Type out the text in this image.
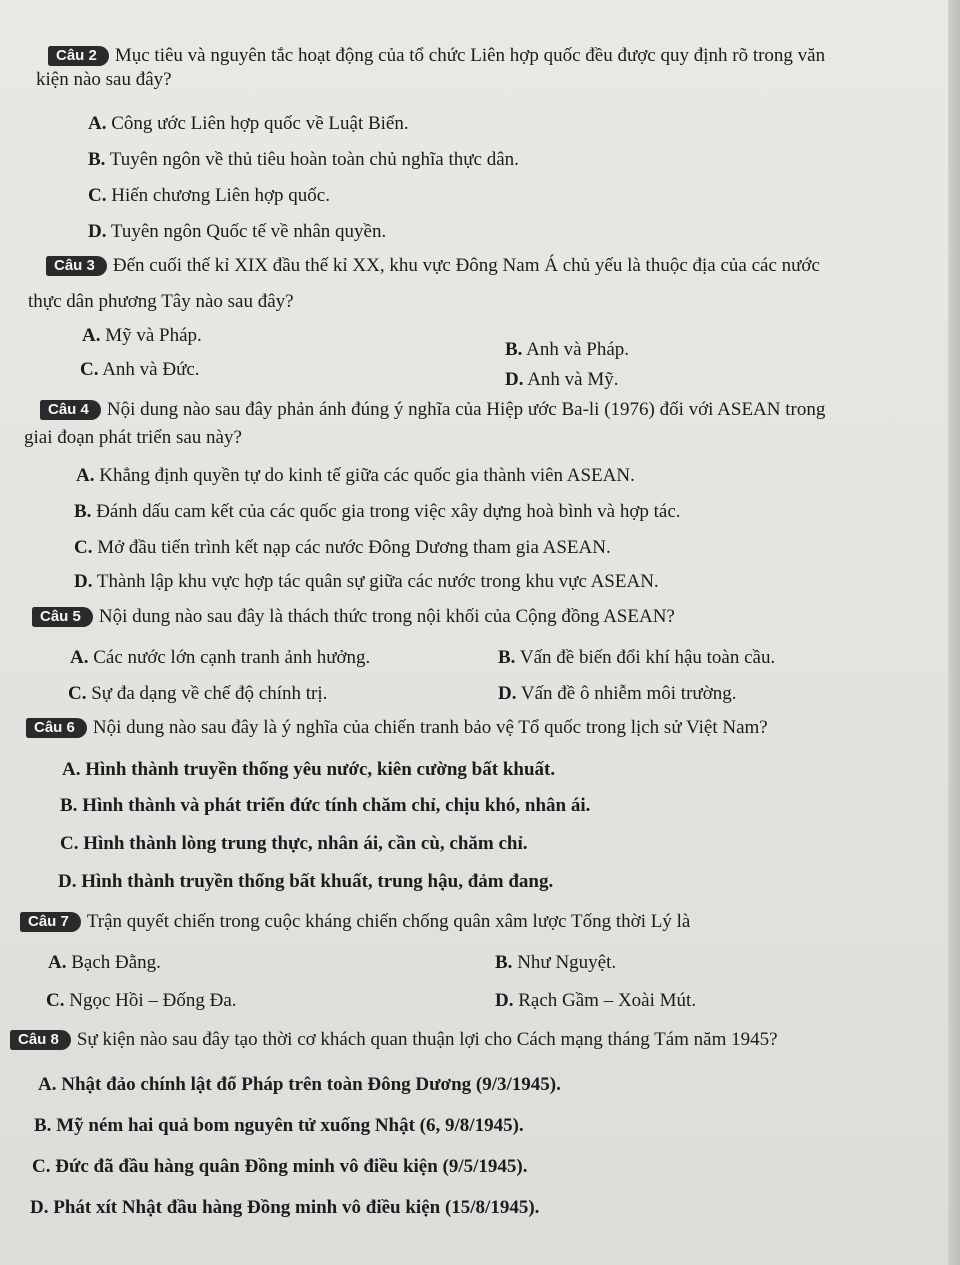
Câu 2 Mục tiêu và nguyên tắc hoạt động của tổ chức Liên hợp quốc đều được quy định rõ trong văn
kiện nào sau đây?
A. Công ước Liên hợp quốc về Luật Biển.
B. Tuyên ngôn về thủ tiêu hoàn toàn chủ nghĩa thực dân.
C. Hiến chương Liên hợp quốc.
D. Tuyên ngôn Quốc tế về nhân quyền.
Câu 3 Đến cuối thế kỉ XIX đầu thế kỉ XX, khu vực Đông Nam Á chủ yếu là thuộc địa của các nước
thực dân phương Tây nào sau đây?
A. Mỹ và Pháp.
B. Anh và Pháp.
C. Anh và Đức.	D. Anh và Mỹ.
Câu 4 Nội dung nào sau đây phản ánh đúng ý nghĩa của Hiệp ước Ba-li (1976) đối với ASEAN trong
giai đoạn phát triển sau này?
A. Khẳng định quyền tự do kinh tế giữa các quốc gia thành viên ASEAN.
B. Đánh dấu cam kết của các quốc gia trong việc xây dựng hoà bình và hợp tác.
C. Mở đầu tiến trình kết nạp các nước Đông Dương tham gia ASEAN.
D. Thành lập khu vực hợp tác quân sự giữa các nước trong khu vực ASEAN.
Câu 5 Nội dung nào sau đây là thách thức trong nội khối của Cộng đồng ASEAN?
A. Các nước lớn cạnh tranh ảnh hưởng.	B. Vấn đề biến đổi khí hậu toàn cầu.
C. Sự đa dạng về chế độ chính trị.	D. Vấn đề ô nhiễm môi trường.
Câu 6 Nội dung nào sau đây là ý nghĩa của chiến tranh bảo vệ Tổ quốc trong lịch sử Việt Nam?
A. Hình thành truyền thống yêu nước, kiên cường bất khuất.
B. Hình thành và phát triển đức tính chăm chỉ, chịu khó, nhân ái.
C. Hình thành lòng trung thực, nhân ái, cần cù, chăm chỉ.
D. Hình thành truyền thống bất khuất, trung hậu, đảm đang.
Câu 7 Trận quyết chiến trong cuộc kháng chiến chống quân xâm lược Tống thời Lý là
A. Bạch Đằng.	B. Như Nguyệt.
C. Ngọc Hồi – Đống Đa.	D. Rạch Gầm – Xoài Mút.
Câu 8 Sự kiện nào sau đây tạo thời cơ khách quan thuận lợi cho Cách mạng tháng Tám năm 1945?
A. Nhật đảo chính lật đổ Pháp trên toàn Đông Dương (9/3/1945).
B. Mỹ ném hai quả bom nguyên tử xuống Nhật (6, 9/8/1945).
C. Đức đã đầu hàng quân Đồng minh vô điều kiện (9/5/1945).
D. Phát xít Nhật đầu hàng Đồng minh vô điều kiện (15/8/1945).
